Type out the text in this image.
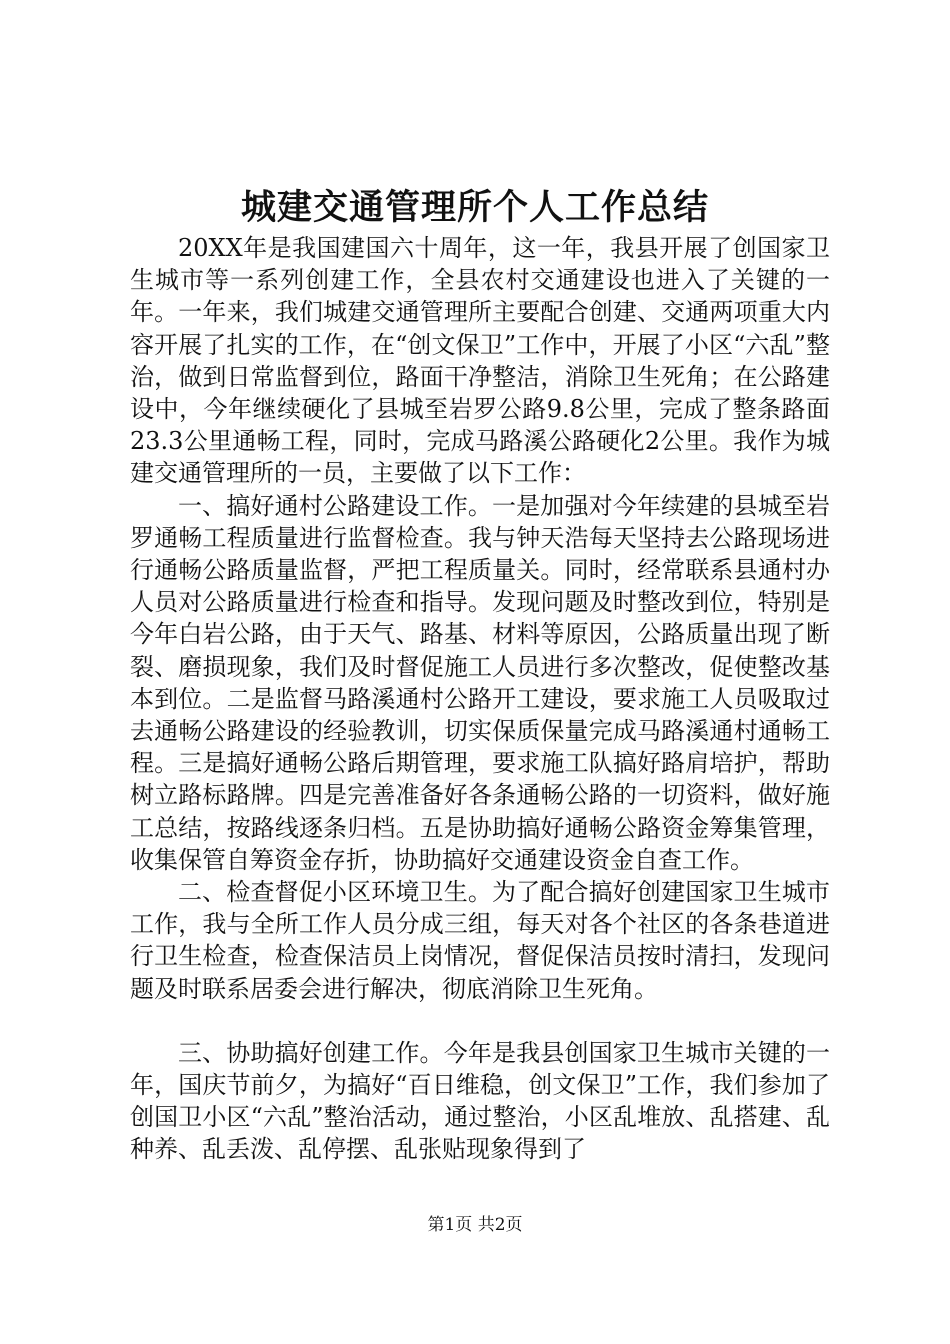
城建交通管理所个人工作总结

20XX年是我国建国六十周年，这一年，我县开展了创国家卫生城市等一系列创建工作，全县农村交通建设也进入了关键的一年。一年来，我们城建交通管理所主要配合创建、交通两项重大内容开展了扎实的工作，在“创文保卫”工作中，开展了小区“六乱”整治，做到日常监督到位，路面干净整洁，消除卫生死角；在公路建设中，今年继续硬化了县城至岩罗公路9.8公里，完成了整条路面23.3公里通畅工程，同时，完成马路溪公路硬化2公里。我作为城建交通管理所的一员，主要做了以下工作：

一、搞好通村公路建设工作。一是加强对今年续建的县城至岩罗通畅工程质量进行监督检查。我与钟天浩每天坚持去公路现场进行通畅公路质量监督，严把工程质量关。同时，经常联系县通村办人员对公路质量进行检查和指导。发现问题及时整改到位，特别是今年白岩公路，由于天气、路基、材料等原因，公路质量出现了断裂、磨损现象，我们及时督促施工人员进行多次整改，促使整改基本到位。二是监督马路溪通村公路开工建设，要求施工人员吸取过去通畅公路建设的经验教训，切实保质保量完成马路溪通村通畅工程。三是搞好通畅公路后期管理，要求施工队搞好路肩培护，帮助树立路标路牌。四是完善准备好各条通畅公路的一切资料，做好施工总结，按路线逐条归档。五是协助搞好通畅公路资金筹集管理，收集保管自筹资金存折，协助搞好交通建设资金自查工作。

二、检查督促小区环境卫生。为了配合搞好创建国家卫生城市工作，我与全所工作人员分成三组，每天对各个社区的各条巷道进行卫生检查，检查保洁员上岗情况，督促保洁员按时清扫，发现问题及时联系居委会进行解决，彻底消除卫生死角。

三、协助搞好创建工作。今年是我县创国家卫生城市关键的一年，国庆节前夕，为搞好“百日维稳，创文保卫”工作，我们参加了创国卫小区“六乱”整治活动，通过整治，小区乱堆放、乱搭建、乱种养、乱丢泼、乱停摆、乱张贴现象得到了

第1页 共2页
